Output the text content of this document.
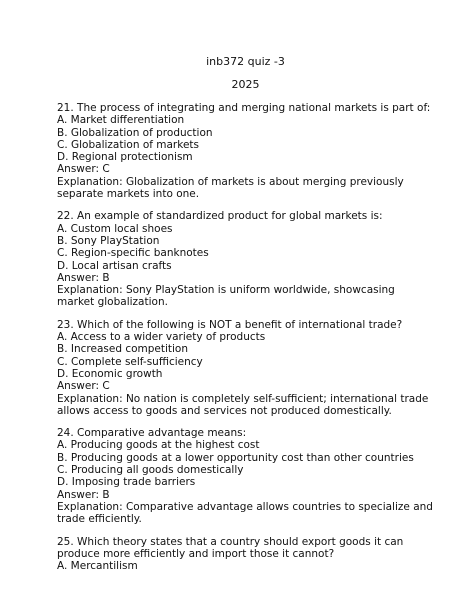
inb372 quiz -3

2025

21. The process of integrating and merging national markets is part of:
A. Market differentiation
B. Globalization of production
C. Globalization of markets
D. Regional protectionism
Answer: C
Explanation: Globalization of markets is about merging previously separate markets into one.
22. An example of standardized product for global markets is:
A. Custom local shoes
B. Sony PlayStation
C. Region-specific banknotes
D. Local artisan crafts
Answer: B
Explanation: Sony PlayStation is uniform worldwide, showcasing market globalization.
23. Which of the following is NOT a benefit of international trade?
A. Access to a wider variety of products
B. Increased competition
C. Complete self-sufficiency
D. Economic growth
Answer: C
Explanation: No nation is completely self-sufficient; international trade allows access to goods and services not produced domestically.
24. Comparative advantage means:
A. Producing goods at the highest cost
B. Producing goods at a lower opportunity cost than other countries
C. Producing all goods domestically
D. Imposing trade barriers
Answer: B
Explanation: Comparative advantage allows countries to specialize and trade efficiently.
25. Which theory states that a country should export goods it can produce more efficiently and import those it cannot?
A. Mercantilism
